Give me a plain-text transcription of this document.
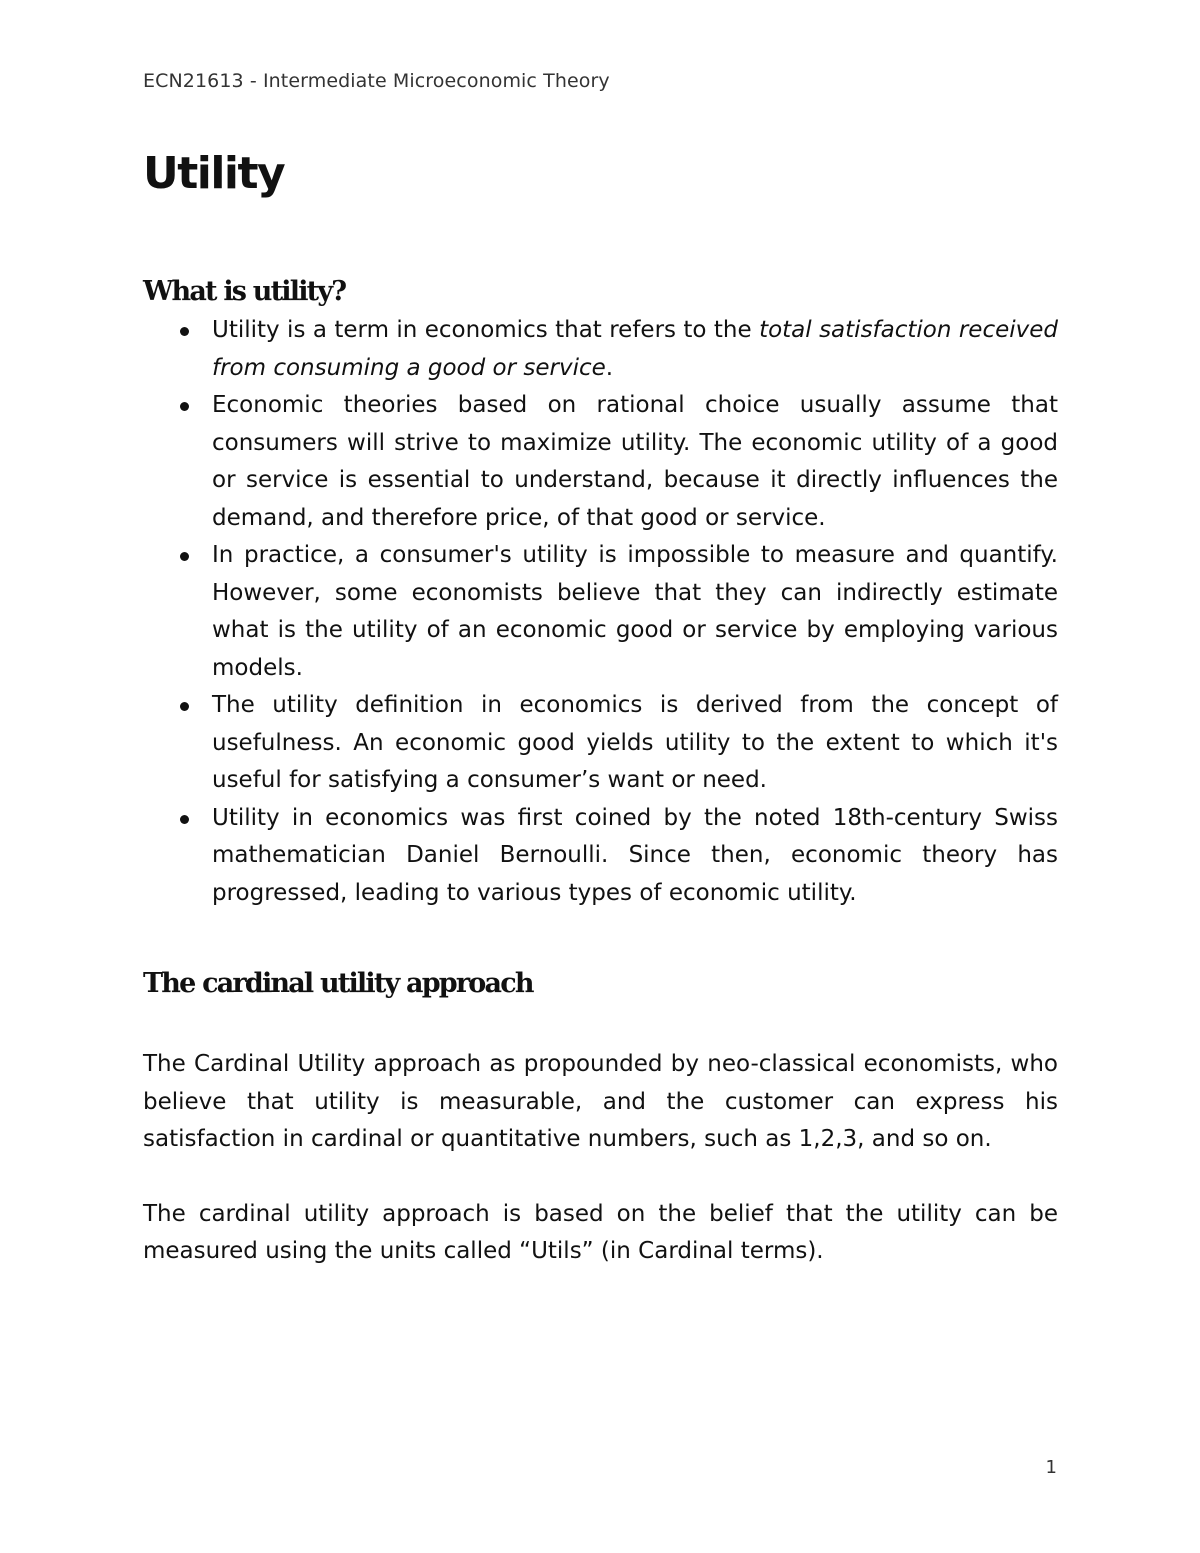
ECN21613 - Intermediate Microeconomic Theory
Utility
What is utility?
Utility is a term in economics that refers to the total satisfaction received from consuming a good or service.
Economic theories based on rational choice usually assume that consumers will strive to maximize utility. The economic utility of a good or service is essential to understand, because it directly influences the demand, and therefore price, of that good or service.
In practice, a consumer's utility is impossible to measure and quantify. However, some economists believe that they can indirectly estimate what is the utility of an economic good or service by employing various models.
The utility definition in economics is derived from the concept of usefulness. An economic good yields utility to the extent to which it's useful for satisfying a consumer’s want or need.
Utility in economics was first coined by the noted 18th-century Swiss mathematician Daniel Bernoulli. Since then, economic theory has progressed, leading to various types of economic utility.
The cardinal utility approach

The Cardinal Utility approach as propounded by neo-classical economists, who believe that utility is measurable, and the customer can express his satisfaction in cardinal or quantitative numbers, such as 1,2,3, and so on.

The cardinal utility approach is based on the belief that the utility can be measured using the units called “Utils” (in Cardinal terms).

1
